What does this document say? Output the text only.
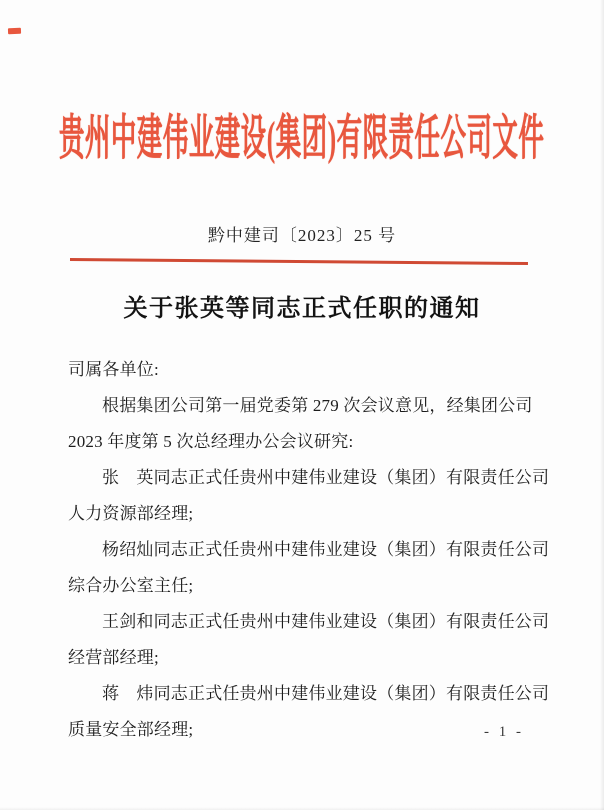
贵州中建伟业建设(集团)有限责任公司文件
黔中建司〔2023〕25 号
关于张英等同志正式任职的通知
司属各单位:
根据集团公司第一届党委第 279 次会议意见，经集团公司
2023 年度第 5 次总经理办公会议研究:
张　英同志正式任贵州中建伟业建设（集团）有限责任公司
人力资源部经理;
杨绍灿同志正式任贵州中建伟业建设（集团）有限责任公司
综合办公室主任;
王剑和同志正式任贵州中建伟业建设（集团）有限责任公司
经营部经理;
蒋　炜同志正式任贵州中建伟业建设（集团）有限责任公司
质量安全部经理;	- 1 -
